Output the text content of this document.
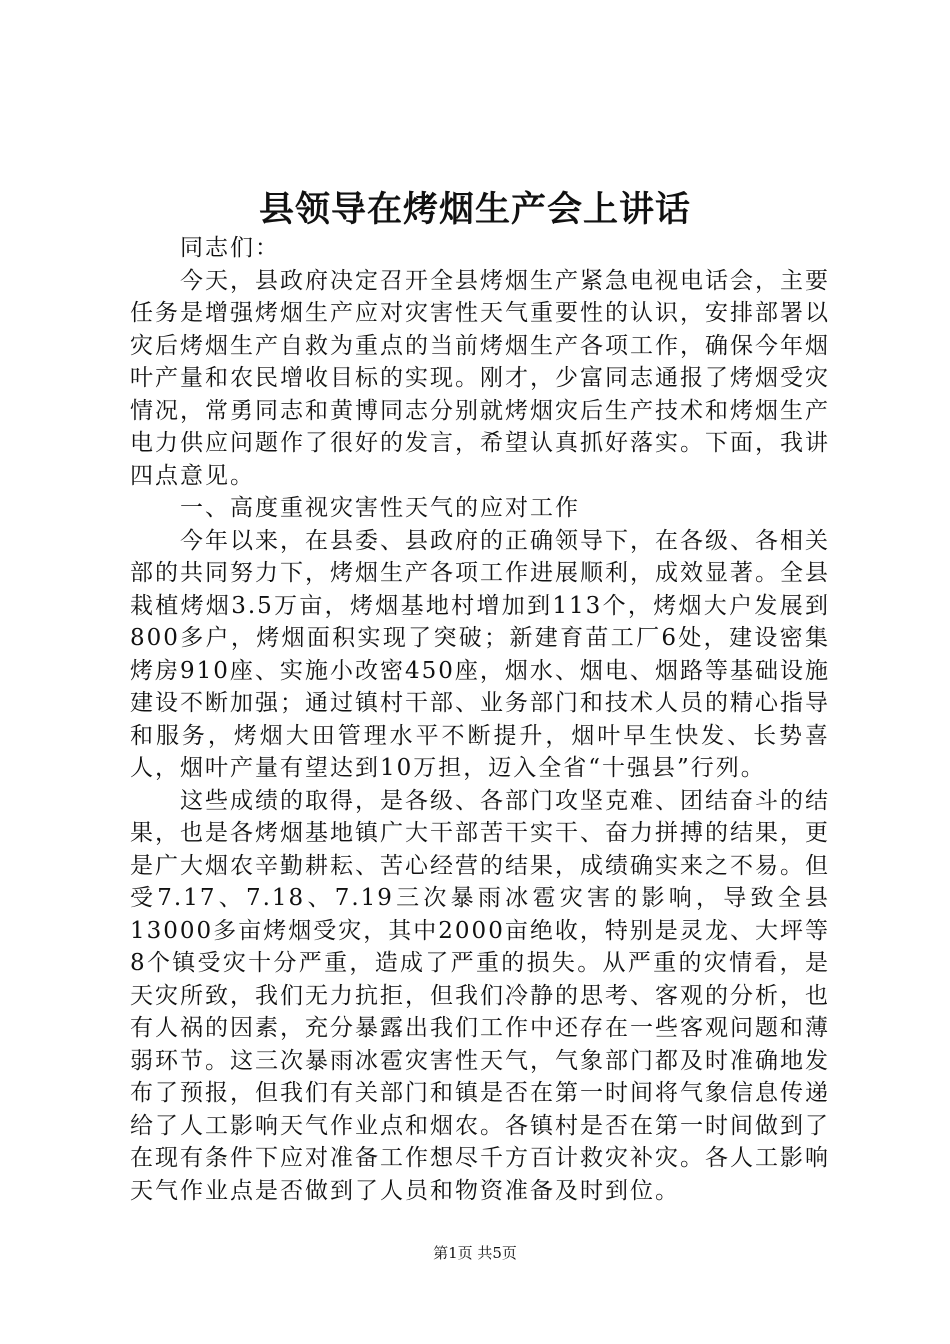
县领导在烤烟生产会上讲话

同志们：

今天，县政府决定召开全县烤烟生产紧急电视电话会，主要任务是增强烤烟生产应对灾害性天气重要性的认识，安排部署以灾后烤烟生产自救为重点的当前烤烟生产各项工作，确保今年烟叶产量和农民增收目标的实现。刚才，少富同志通报了烤烟受灾情况，常勇同志和黄博同志分别就烤烟灾后生产技术和烤烟生产电力供应问题作了很好的发言，希望认真抓好落实。下面，我讲四点意见。

一、高度重视灾害性天气的应对工作

今年以来，在县委、县政府的正确领导下，在各级、各相关部的共同努力下，烤烟生产各项工作进展顺利，成效显著。全县栽植烤烟3.5万亩，烤烟基地村增加到113个，烤烟大户发展到800多户，烤烟面积实现了突破；新建育苗工厂6处，建设密集烤房910座、实施小改密450座，烟水、烟电、烟路等基础设施建设不断加强；通过镇村干部、业务部门和技术人员的精心指导和服务，烤烟大田管理水平不断提升，烟叶早生快发、长势喜人，烟叶产量有望达到10万担，迈入全省“十强县”行列。

这些成绩的取得，是各级、各部门攻坚克难、团结奋斗的结果，也是各烤烟基地镇广大干部苦干实干、奋力拼搏的结果，更是广大烟农辛勤耕耘、苦心经营的结果，成绩确实来之不易。但受7.17、7.18、7.19三次暴雨冰雹灾害的影响，导致全县13000多亩烤烟受灾，其中2000亩绝收，特别是灵龙、大坪等8个镇受灾十分严重，造成了严重的损失。从严重的灾情看，是天灾所致，我们无力抗拒，但我们冷静的思考、客观的分析，也有人祸的因素，充分暴露出我们工作中还存在一些客观问题和薄弱环节。这三次暴雨冰雹灾害性天气，气象部门都及时准确地发布了预报，但我们有关部门和镇是否在第一时间将气象信息传递给了人工影响天气作业点和烟农。各镇村是否在第一时间做到了在现有条件下应对准备工作想尽千方百计救灾补灾。各人工影响天气作业点是否做到了人员和物资准备及时到位。

第1页 共5页
